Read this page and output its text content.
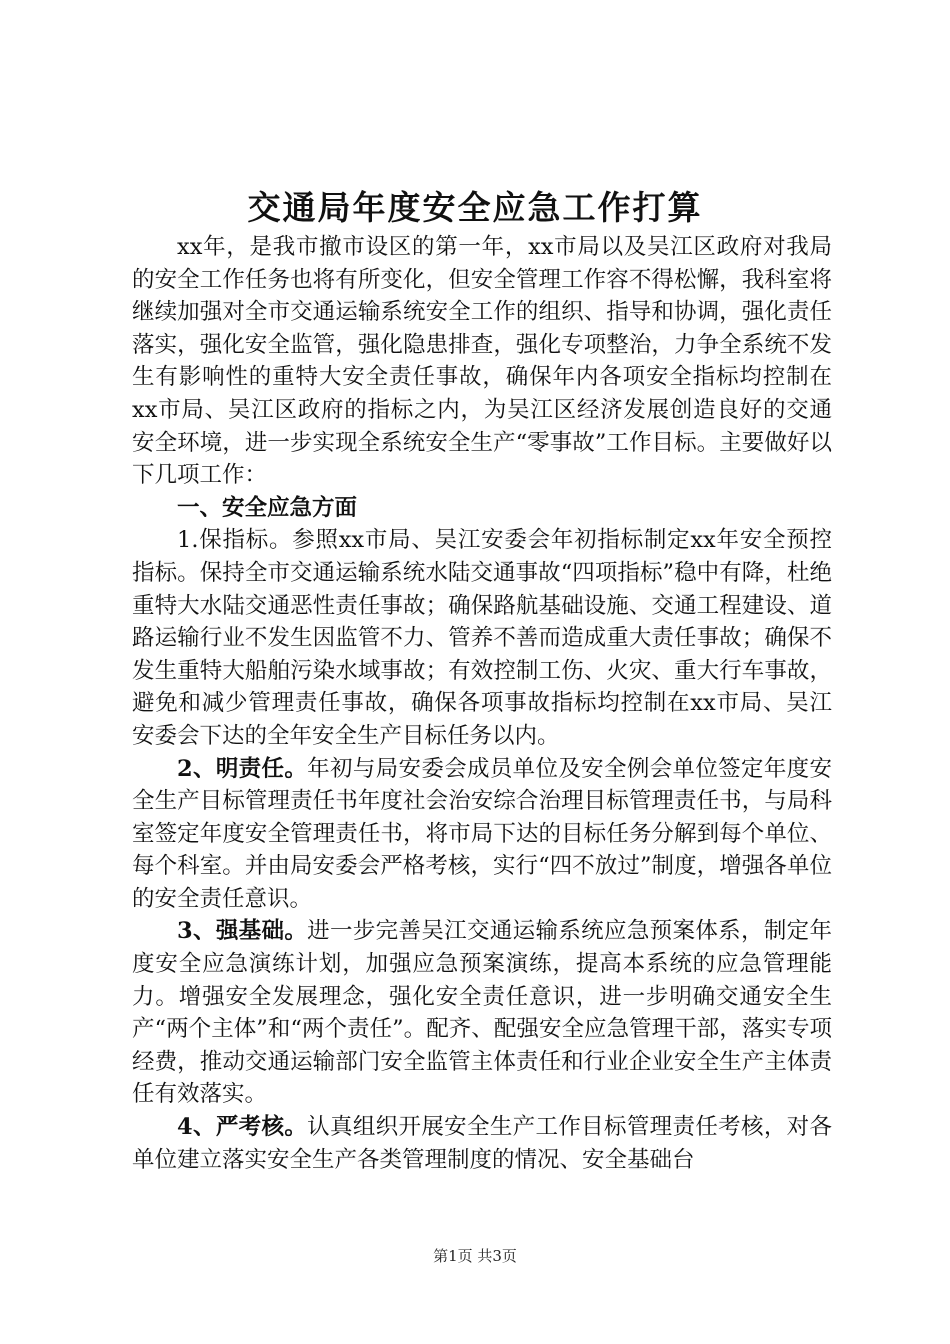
交通局年度安全应急工作打算

xx年，是我市撤市设区的第一年，xx市局以及吴江区政府对我局的安全工作任务也将有所变化，但安全管理工作容不得松懈，我科室将继续加强对全市交通运输系统安全工作的组织、指导和协调，强化责任落实，强化安全监管，强化隐患排查，强化专项整治，力争全系统不发生有影响性的重特大安全责任事故，确保年内各项安全指标均控制在xx市局、吴江区政府的指标之内，为吴江区经济发展创造良好的交通安全环境，进一步实现全系统安全生产“零事故”工作目标。主要做好以下几项工作：

一、安全应急方面

1.保指标。参照xx市局、吴江安委会年初指标制定xx年安全预控指标。保持全市交通运输系统水陆交通事故“四项指标”稳中有降，杜绝重特大水陆交通恶性责任事故；确保路航基础设施、交通工程建设、道路运输行业不发生因监管不力、管养不善而造成重大责任事故；确保不发生重特大船舶污染水域事故；有效控制工伤、火灾、重大行车事故，避免和减少管理责任事故，确保各项事故指标均控制在xx市局、吴江安委会下达的全年安全生产目标任务以内。

2、明责任。年初与局安委会成员单位及安全例会单位签定年度安全生产目标管理责任书年度社会治安综合治理目标管理责任书，与局科室签定年度安全管理责任书，将市局下达的目标任务分解到每个单位、每个科室。并由局安委会严格考核，实行“四不放过”制度，增强各单位的安全责任意识。

3、强基础。进一步完善吴江交通运输系统应急预案体系，制定年度安全应急演练计划，加强应急预案演练，提高本系统的应急管理能力。增强安全发展理念，强化安全责任意识，进一步明确交通安全生产“两个主体”和“两个责任”。配齐、配强安全应急管理干部，落实专项经费，推动交通运输部门安全监管主体责任和行业企业安全生产主体责任有效落实。

4、严考核。认真组织开展安全生产工作目标管理责任考核，对各单位建立落实安全生产各类管理制度的情况、安全基础台

第1页 共3页
